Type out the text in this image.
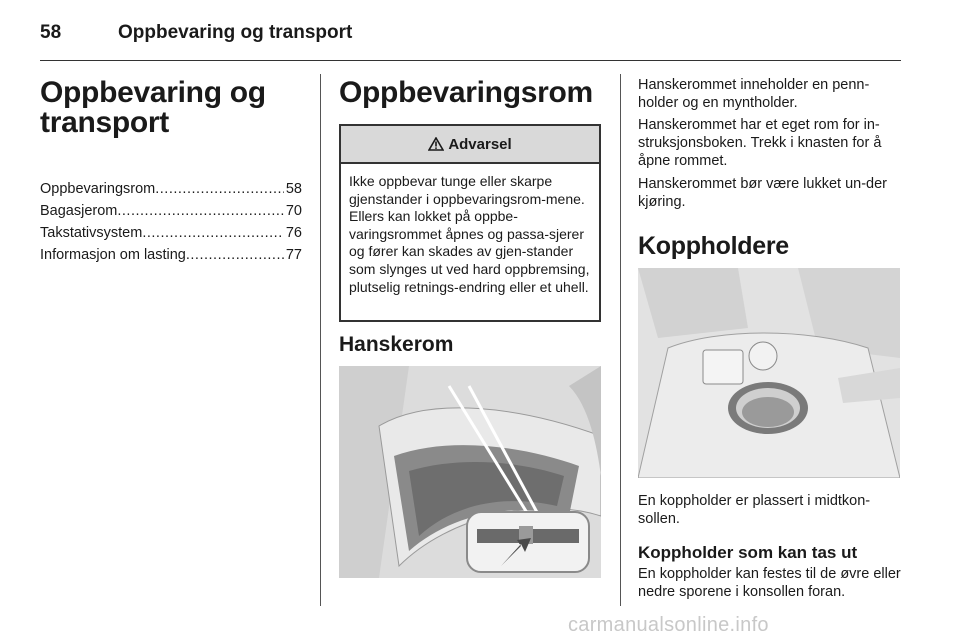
58	Oppbevaring og transport
Oppbevaring og transport
Oppbevaringsrom .....	58
Bagasjerom .....	70
Takstativsystem .....	76
Informasjon om lasting .....	77
Oppbevaringsrom
Advarsel
Ikke oppbevar tunge eller skarpe gjenstander i oppbevaringsrom-mene. Ellers kan lokket på oppbe-varingsrommet åpnes og passa-sjerer og fører kan skades av gjen-stander som slynges ut ved hard oppbremsing, plutselig retnings-endring eller et uhell.
Hanskerom
Hanskerommet inneholder en penn-holder og en myntholder.
Hanskerommet har et eget rom for in-struksjonsboken. Trekk i knasten for å åpne rommet.
Hanskerommet bør være lukket un-der kjøring.
Koppholdere
En koppholder er plassert i midtkon-sollen.
Koppholder som kan tas ut
En koppholder kan festes til de øvre eller nedre sporene i konsollen foran.
carmanualsonline.info
